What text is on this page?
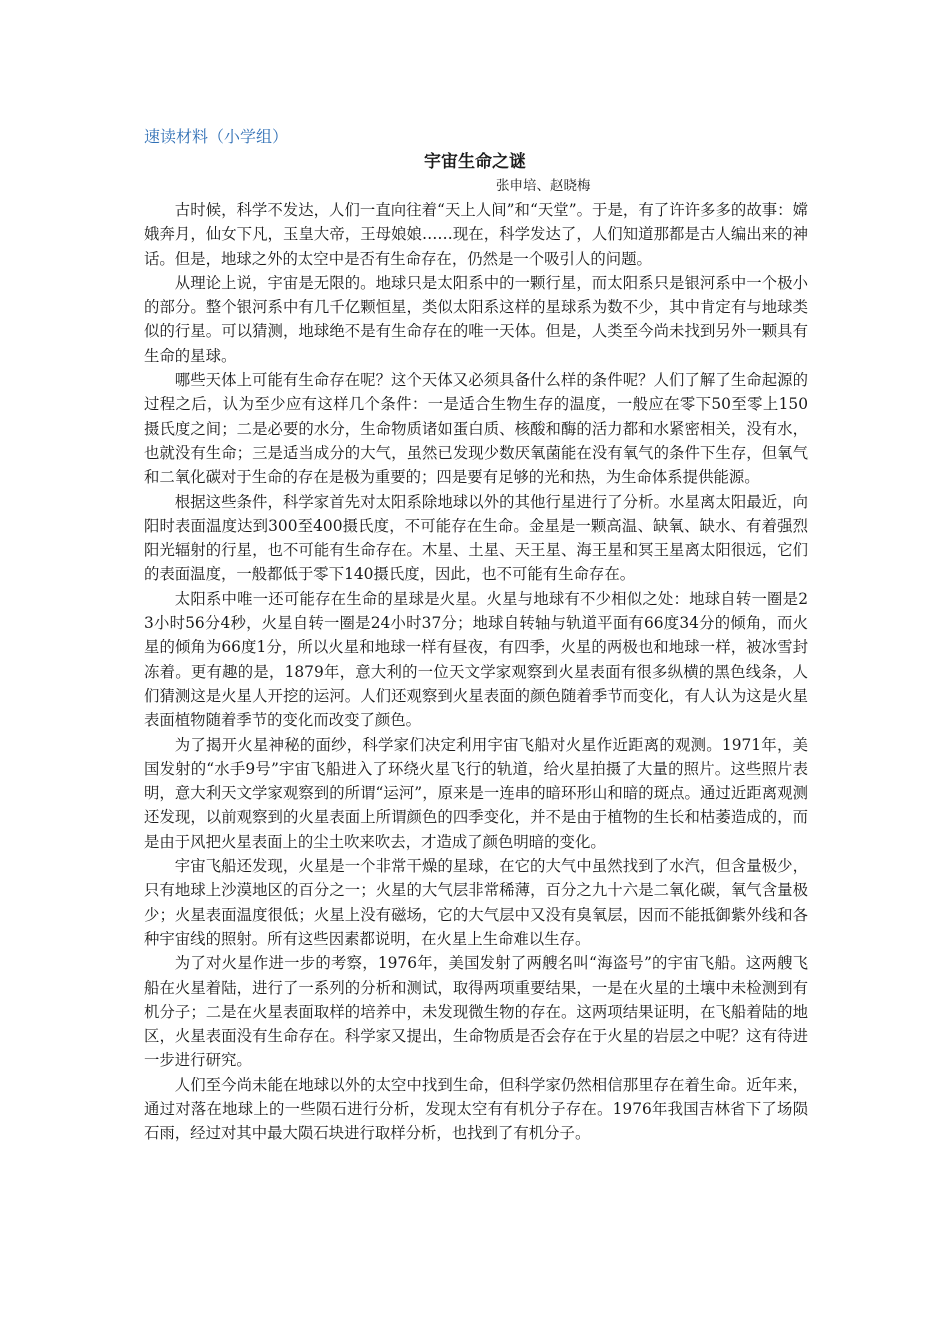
速读材料（小学组）
宇宙生命之谜
张申培、赵晓梅

古时候，科学不发达，人们一直向往着“天上人间”和“天堂”。于是，有了许许多多的故事：嫦娥奔月，仙女下凡，玉皇大帝，王母娘娘……现在，科学发达了，人们知道那都是古人编出来的神话。但是，地球之外的太空中是否有生命存在，仍然是一个吸引人的问题。

从理论上说，宇宙是无限的。地球只是太阳系中的一颗行星，而太阳系只是银河系中一个极小的部分。整个银河系中有几千亿颗恒星，类似太阳系这样的星球系为数不少，其中肯定有与地球类似的行星。可以猜测，地球绝不是有生命存在的唯一天体。但是，人类至今尚未找到另外一颗具有生命的星球。

哪些天体上可能有生命存在呢？这个天体又必须具备什么样的条件呢？人们了解了生命起源的过程之后，认为至少应有这样几个条件：一是适合生物生存的温度，一般应在零下50至零上150摄氏度之间；二是必要的水分，生命物质诸如蛋白质、核酸和酶的活力都和水紧密相关，没有水，也就没有生命；三是适当成分的大气，虽然已发现少数厌氧菌能在没有氧气的条件下生存，但氧气和二氧化碳对于生命的存在是极为重要的；四是要有足够的光和热，为生命体系提供能源。

根据这些条件，科学家首先对太阳系除地球以外的其他行星进行了分析。水星离太阳最近，向阳时表面温度达到300至400摄氏度，不可能存在生命。金星是一颗高温、缺氧、缺水、有着强烈阳光辐射的行星，也不可能有生命存在。木星、土星、天王星、海王星和冥王星离太阳很远，它们的表面温度，一般都低于零下140摄氏度，因此，也不可能有生命存在。

太阳系中唯一还可能存在生命的星球是火星。火星与地球有不少相似之处：地球自转一圈是23小时56分4秒，火星自转一圈是24小时37分；地球自转轴与轨道平面有66度34分的倾角，而火星的倾角为66度1分，所以火星和地球一样有昼夜，有四季，火星的两极也和地球一样，被冰雪封冻着。更有趣的是，1879年，意大利的一位天文学家观察到火星表面有很多纵横的黑色线条，人们猜测这是火星人开挖的运河。人们还观察到火星表面的颜色随着季节而变化，有人认为这是火星表面植物随着季节的变化而改变了颜色。

为了揭开火星神秘的面纱，科学家们决定利用宇宙飞船对火星作近距离的观测。1971年，美国发射的“水手9号”宇宙飞船进入了环绕火星飞行的轨道，给火星拍摄了大量的照片。这些照片表明，意大利天文学家观察到的所谓“运河”，原来是一连串的暗环形山和暗的斑点。通过近距离观测还发现，以前观察到的火星表面上所谓颜色的四季变化，并不是由于植物的生长和枯萎造成的，而是由于风把火星表面上的尘土吹来吹去，才造成了颜色明暗的变化。

宇宙飞船还发现，火星是一个非常干燥的星球，在它的大气中虽然找到了水汽，但含量极少，只有地球上沙漠地区的百分之一；火星的大气层非常稀薄，百分之九十六是二氧化碳，氧气含量极少；火星表面温度很低；火星上没有磁场，它的大气层中又没有臭氧层，因而不能抵御紫外线和各种宇宙线的照射。所有这些因素都说明，在火星上生命难以生存。

为了对火星作进一步的考察，1976年，美国发射了两艘名叫“海盗号”的宇宙飞船。这两艘飞船在火星着陆，进行了一系列的分析和测试，取得两项重要结果，一是在火星的土壤中未检测到有机分子；二是在火星表面取样的培养中，未发现微生物的存在。这两项结果证明，在飞船着陆的地区，火星表面没有生命存在。科学家又提出，生命物质是否会存在于火星的岩层之中呢？这有待进一步进行研究。

人们至今尚未能在地球以外的太空中找到生命，但科学家仍然相信那里存在着生命。近年来，通过对落在地球上的一些陨石进行分析，发现太空有有机分子存在。1976年我国吉林省下了场陨石雨，经过对其中最大陨石块进行取样分析，也找到了有机分子。
